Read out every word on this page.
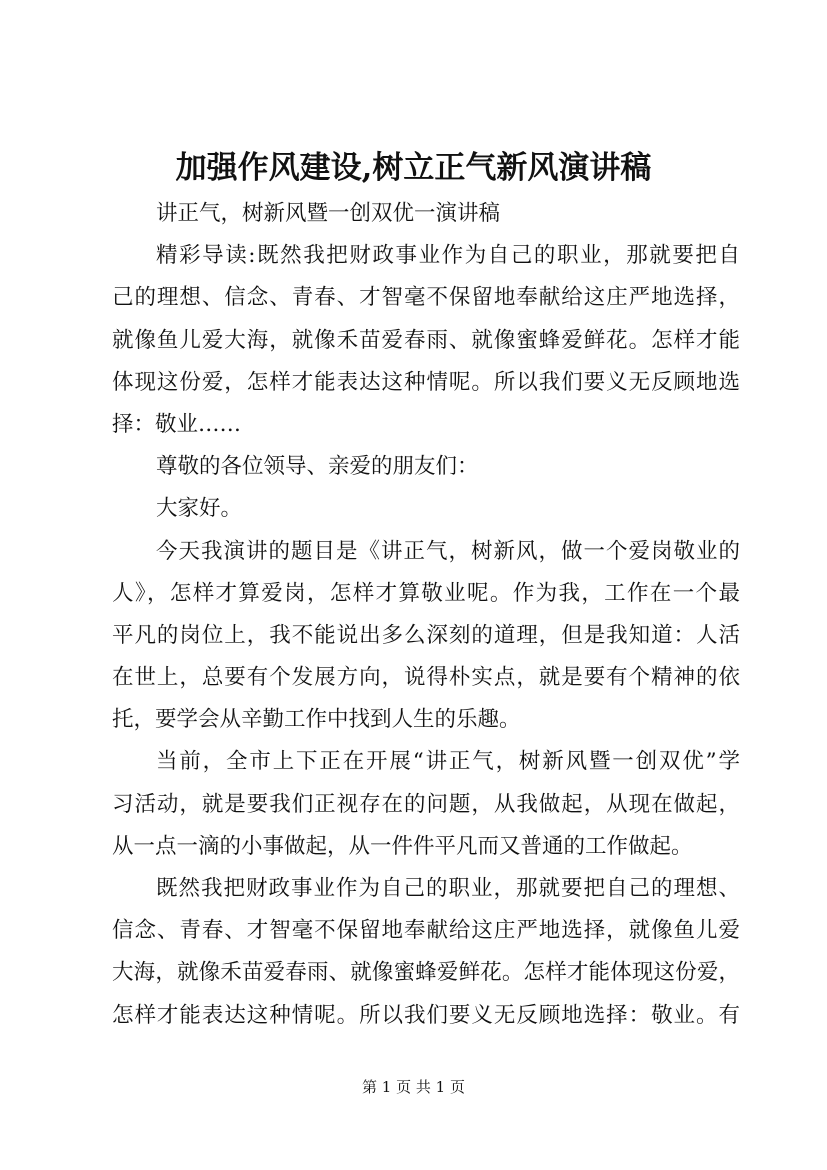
加强作风建设,树立正气新风演讲稿
讲正气，树新风暨一创双优一演讲稿
精彩导读:既然我把财政事业作为自己的职业，那就要把自
己的理想、信念、青春、才智毫不保留地奉献给这庄严地选择，
就像鱼儿爱大海，就像禾苗爱春雨、就像蜜蜂爱鲜花。怎样才能
体现这份爱，怎样才能表达这种情呢。所以我们要义无反顾地选
择：敬业……
尊敬的各位领导、亲爱的朋友们：
大家好。
今天我演讲的题目是《讲正气，树新风，做一个爱岗敬业的
人》，怎样才算爱岗，怎样才算敬业呢。作为我，工作在一个最
平凡的岗位上，我不能说出多么深刻的道理，但是我知道：人活
在世上，总要有个发展方向，说得朴实点，就是要有个精神的依
托，要学会从辛勤工作中找到人生的乐趣。
当前，全市上下正在开展“讲正气，树新风暨一创双优”学
习活动，就是要我们正视存在的问题，从我做起，从现在做起，
从一点一滴的小事做起，从一件件平凡而又普通的工作做起。
既然我把财政事业作为自己的职业，那就要把自己的理想、
信念、青春、才智毫不保留地奉献给这庄严地选择，就像鱼儿爱
大海，就像禾苗爱春雨、就像蜜蜂爱鲜花。怎样才能体现这份爱，
怎样才能表达这种情呢。所以我们要义无反顾地选择：敬业。有
第 1 页 共 1 页
